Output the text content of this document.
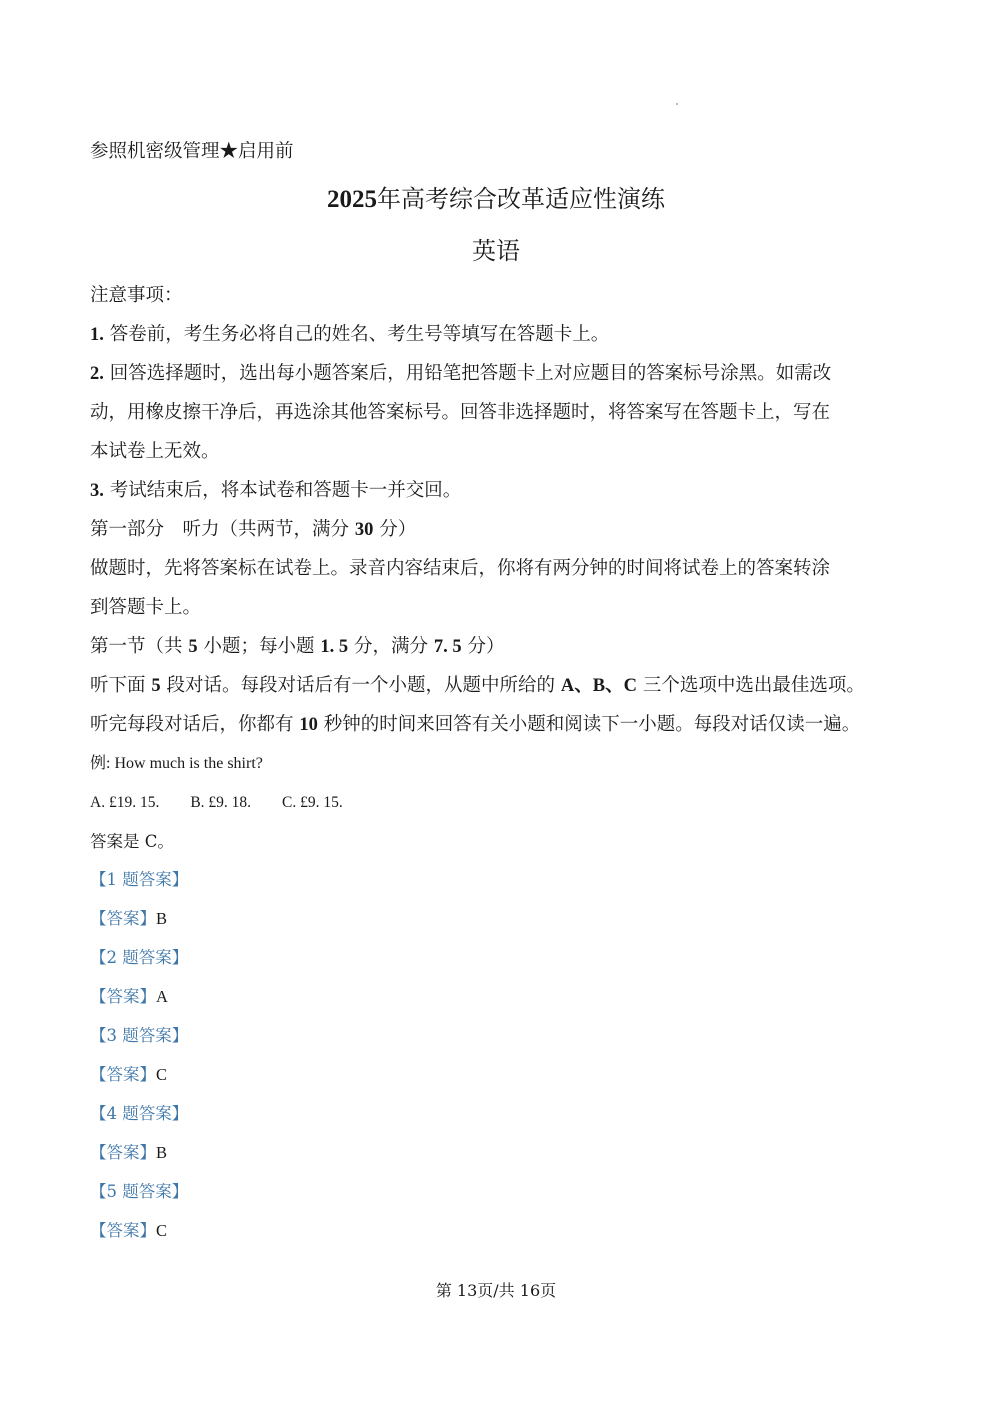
参照机密级管理★启用前
2025年高考综合改革适应性演练
英语
注意事项：
1. 答卷前，考生务必将自己的姓名、考生号等填写在答题卡上。
2. 回答选择题时，选出每小题答案后，用铅笔把答题卡上对应题目的答案标号涂黑。如需改
动，用橡皮擦干净后，再选涂其他答案标号。回答非选择题时，将答案写在答题卡上，写在
本试卷上无效。
3. 考试结束后，将本试卷和答题卡一并交回。
第一部分　听力（共两节，满分 30 分）
做题时，先将答案标在试卷上。录音内容结束后，你将有两分钟的时间将试卷上的答案转涂
到答题卡上。
第一节（共 5 小题；每小题 1. 5 分，满分 7. 5 分）
听下面 5 段对话。每段对话后有一个小题，从题中所给的 A、B、C 三个选项中选出最佳选项。
听完每段对话后，你都有 10 秒钟的时间来回答有关小题和阅读下一小题。每段对话仅读一遍。
例: How much is the shirt?
A. £19. 15.　　B. £9. 18.　　C. £9. 15.
答案是 C。
【1 题答案】
【答案】B
【2 题答案】
【答案】A
【3 题答案】
【答案】C
【4 题答案】
【答案】B
【5 题答案】
【答案】C
第 13页/共 16页
